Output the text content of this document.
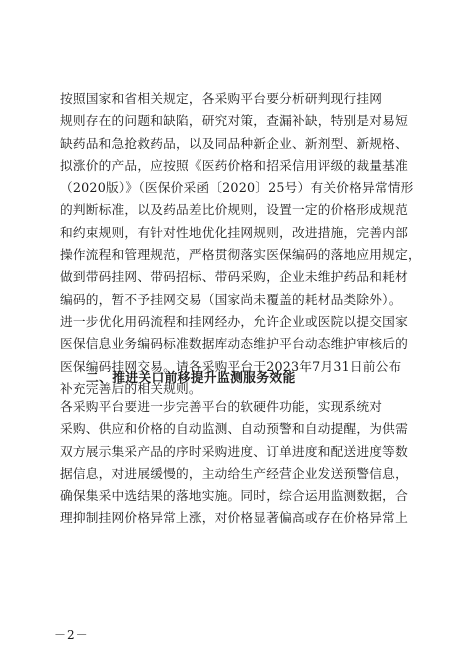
按照国家和省相关规定，各采购平台要分析研判现行挂网
规则存在的问题和缺陷，研究对策，查漏补缺，特别是对易短
缺药品和急抢救药品，以及同品种新企业、新剂型、新规格、
拟涨价的产品，应按照《医药价格和招采信用评级的裁量基准
（2020版）》（医保价采函〔2020〕25号）有关价格异常情形
的判断标准，以及药品差比价规则，设置一定的价格形成规范
和约束规则，有针对性地优化挂网规则，改进措施，完善内部
操作流程和管理规范，严格贯彻落实医保编码的落地应用规定，
做到带码挂网、带码招标、带码采购，企业未维护药品和耗材
编码的，暂不予挂网交易（国家尚未覆盖的耗材品类除外）。
进一步优化用码流程和挂网经办，允许企业或医院以提交国家
医保信息业务编码标准数据库动态维护平台动态维护审核后的
医保编码挂网交易。请各采购平台于2023年7月31日前公布
补充完善后的相关规则。
二、推进关口前移提升监测服务效能
各采购平台要进一步完善平台的软硬件功能，实现系统对
采购、供应和价格的自动监测、自动预警和自动提醒，为供需
双方展示集采产品的序时采购进度、订单进度和配送进度等数
据信息，对进展缓慢的，主动给生产经营企业发送预警信息，
确保集采中选结果的落地实施。同时，综合运用监测数据，合
理抑制挂网价格异常上涨，对价格显著偏高或存在价格异常上
－2－
